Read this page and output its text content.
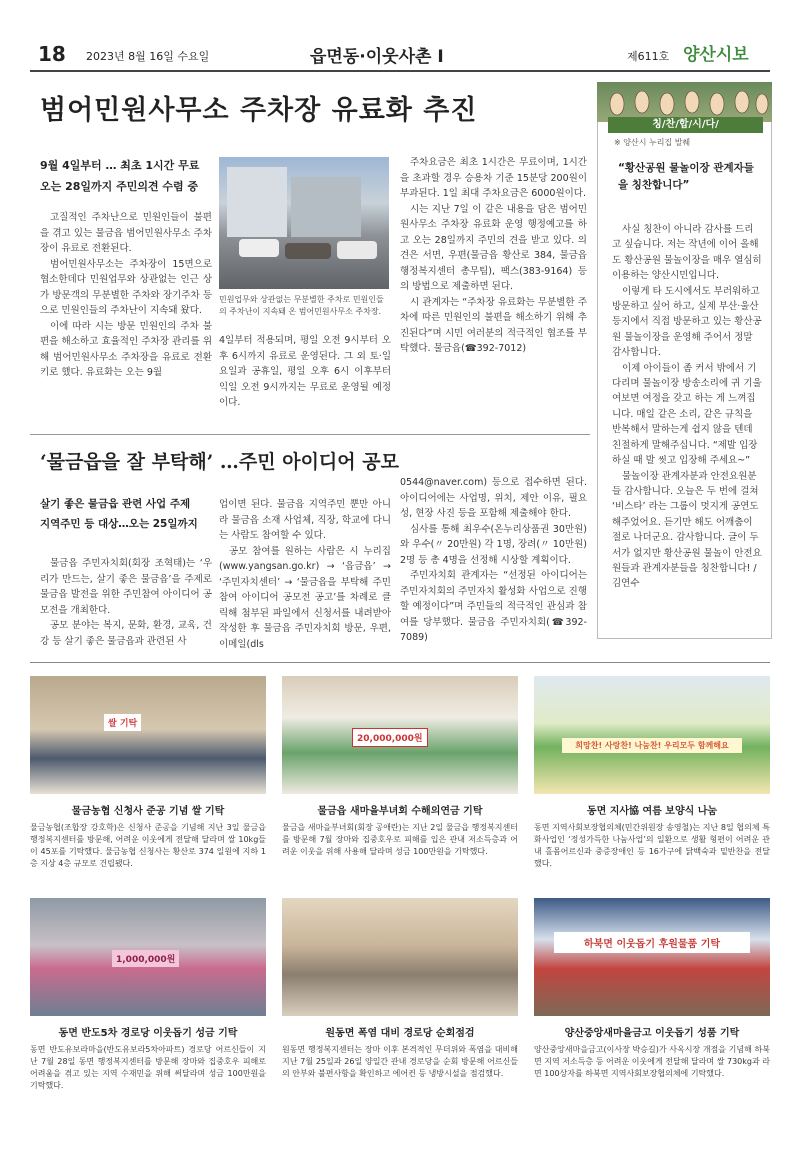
18 2023년 8월 16일 수요일	읍면동·이웃사촌 Ⅰ	제611호 양산시보
범어민원사무소 주차장 유료화 추진
9월 4일부터 … 최초 1시간 무료
오는 28일까지 주민의견 수렴 중

고질적인 주차난으로 민원인들이 불편을 겪고 있는 물금읍 범어민원사무소 주차장이 유료로 전환된다.

범어민원사무소는 주차장이 15면으로 협소한데다 민원업무와 상관없는 인근 상가 방문객의 무분별한 주차와 장기주차 등으로 민원인들의 주차난이 지속돼 왔다.

이에 따라 시는 방문 민원인의 주차 불편을 해소하고 효율적인 주차장 관리를 위해 범어민원사무소 주차장을 유료로 전환키로 했다. 유료화는 오는 9월

민원업무와 상관없는 무분별한 주차로 민원인들의 주차난이 지속돼 온 범어민원사무소 주차장.

4일부터 적용되며, 평일 오전 9시부터 오후 6시까지 유료로 운영된다. 그 외 토·일요일과 공휴일, 평일 오후 6시 이후부터 익일 오전 9시까지는 무료로 운영될 예정이다.

주차요금은 최초 1시간은 무료이며, 1시간을 초과할 경우 승용차 기준 15분당 200원이 부과된다. 1일 최대 주차요금은 6000원이다.

시는 지난 7일 이 같은 내용을 담은 범어민원사무소 주차장 유료화 운영 행정예고를 하고 오는 28일까지 주민의 견을 받고 있다. 의견은 서면, 우편(물금읍 황산로 384, 물금읍 행정복지센터 총무팀), 팩스(383-9164) 등의 방법으로 제출하면 된다.

시 관계자는 “주차장 유료화는 무분별한 주차에 따른 민원인의 불편을 해소하기 위해 추진된다”며 시민 여러분의 적극적인 협조를 부탁했다. 물금읍(☎392-7012)

칭/찬/합/시/다/
※ 양산시 누리집 발췌
“황산공원 물놀이장 관계자들을 칭찬합니다”

사실 칭찬이 아니라 감사를 드리고 싶습니다. 저는 작년에 이어 올해도 황산공원 물놀이장을 매우 열심히 이용하는 양산시민입니다.

이렇게 타 도시에서도 부러워하고 방문하고 싶어 하고, 실제 부산·울산 등지에서 직접 방문하고 있는 황산공원 물놀이장을 운영해 주어서 정말 감사합니다.

이제 아이들이 좀 커서 밖에서 기다리며 물놀이장 방송소리에 귀 기울여보면 여정을 갖고 하는 게 느껴집니다. 매일 같은 소리, 같은 규칙을 반복해서 말하는게 쉽지 않을 텐데 친절하게 말해주십니다. “제발 입장하실 때 발 씻고 입장해 주세요~”

물놀이장 관계자분과 안전요원분들 감사합니다. 오늘은 두 번에 걸쳐 ‘비스타’ 라는 그룹이 멋지게 공연도 해주었어요. 듣기만 해도 어깨춤이 절로 나더군요. 감사합니다. 글이 두서가 없지만 황산공원 물놀이 안전요원들과 관계자분들을 칭찬합니다! /김연수

‘물금읍을 잘 부탁해’ …주민 아이디어 공모
살기 좋은 물금읍 관련 사업 주제
지역주민 등 대상…오는 25일까지

물금읍 주민자치회(회장 조혁태)는 ‘우리가 만드는, 살기 좋은 물금읍’을 주제로 물금읍 발전을 위한 주민참여 아이디어 공모전을 개최한다.

공모 분야는 복지, 문화, 환경, 교육, 건강 등 살기 좋은 물금읍과 관련된 사

업이면 된다. 물금읍 지역주민 뿐만 아니라 물금읍 소재 사업체, 직장, 학교에 다니는 사람도 참여할 수 있다.

공모 참여를 원하는 사람은 시 누리집(www.yangsan.go.kr) → ‘읍금읍’ → ‘주민자치센터’ → ‘물금읍을 부탁해 주민참여 아이디어 공모전 공고’를 차례로 클릭해 첨부된 파일에서 신청서를 내려받아 작성한 후 물금읍 주민자치회 방문, 우편, 이메일(dls

0544@naver.com) 등으로 접수하면 된다. 아이디어에는 사업명, 위치, 제안 이유, 필요성, 현장 사진 등을 포함해 제출해야 한다.

심사를 통해 최우수(온누리상품권 30만원)와 우수(〃 20만원) 각 1명, 장려(〃 10만원) 2명 등 총 4명을 선정해 시상할 계획이다.

주민자치회 관계자는 “선정된 아이디어는 주민자치회의 주민자치 활성화 사업으로 진행할 예정이다”며 주민들의 적극적인 관심과 참여를 당부했다. 물금읍 주민자치회(☎392-7089)

쌀 기탁
물금농협 신청사 준공 기념 쌀 기탁
물금농협(조합장 강호학)은 신청사 준공을 기념해 지난 3일 물금읍 행정복지센터를 방문해, 어려운 이웃에게 전달해 달라며 쌀 10kg들이 45포를 기탁했다. 물금농협 신청사는 황산로 374 일원에 지하 1층 지상 4층 규모로 건립됐다.
20,000,000원
물금읍 새마을부녀회 수해의연금 기탁
물금읍 새마을부녀회(회장 공애란)는 지난 2일 물금읍 행정복지센터를 방문해 7월 장마와 집중호우로 피해를 입은 관내 저소득층과 어려운 이웃을 위해 사용해 달라며 성금 100만원을 기탁했다.
희망찬! 사랑찬! 나눔찬! 우리모두 함께해요
동면 지사協 여름 보양식 나눔
동면 지역사회보장협의체(민간위원장 송영철)는 지난 8일 협의체 특화사업인 ‘정성가득한 나눔사업’의 일환으로 생활 형편이 어려운 관내 홀몸어르신과 중증장애인 등 16가구에 닭백숙과 밑반찬을 전달했다.
1,000,000원
동면 반도5차 경로당 이웃돕기 성금 기탁
동면 반도유보라마을(반도유보라5차아파트) 경로당 어르신들이 지난 7월 28일 동면 행정복지센터를 방문해 장마와 집중호우 피해로 어려움을 겪고 있는 지역 수재민을 위해 써달라며 성금 100만원을 기탁했다.
원동면 폭염 대비 경로당 순회점검
원동면 행정복지센터는 장마 이후 본격적인 무더위와 폭염을 대비해 지난 7월 25일과 26일 양일간 관내 경로당을 순회 방문해 어르신들의 안부와 불편사항을 확인하고 에어컨 등 냉방시설을 점검했다.
하북면 이웃돕기 후원물품 기탁
양산중앙새마을금고 이웃돕기 성품 기탁
양산중앙새마을금고(이사장 박승길)가 사옥시장 개점을 기념해 하북면 지역 저소득층 등 어려운 이웃에게 전달해 달라며 쌀 730kg과 라면 100상자를 하북면 지역사회보장협의체에 기탁했다.
